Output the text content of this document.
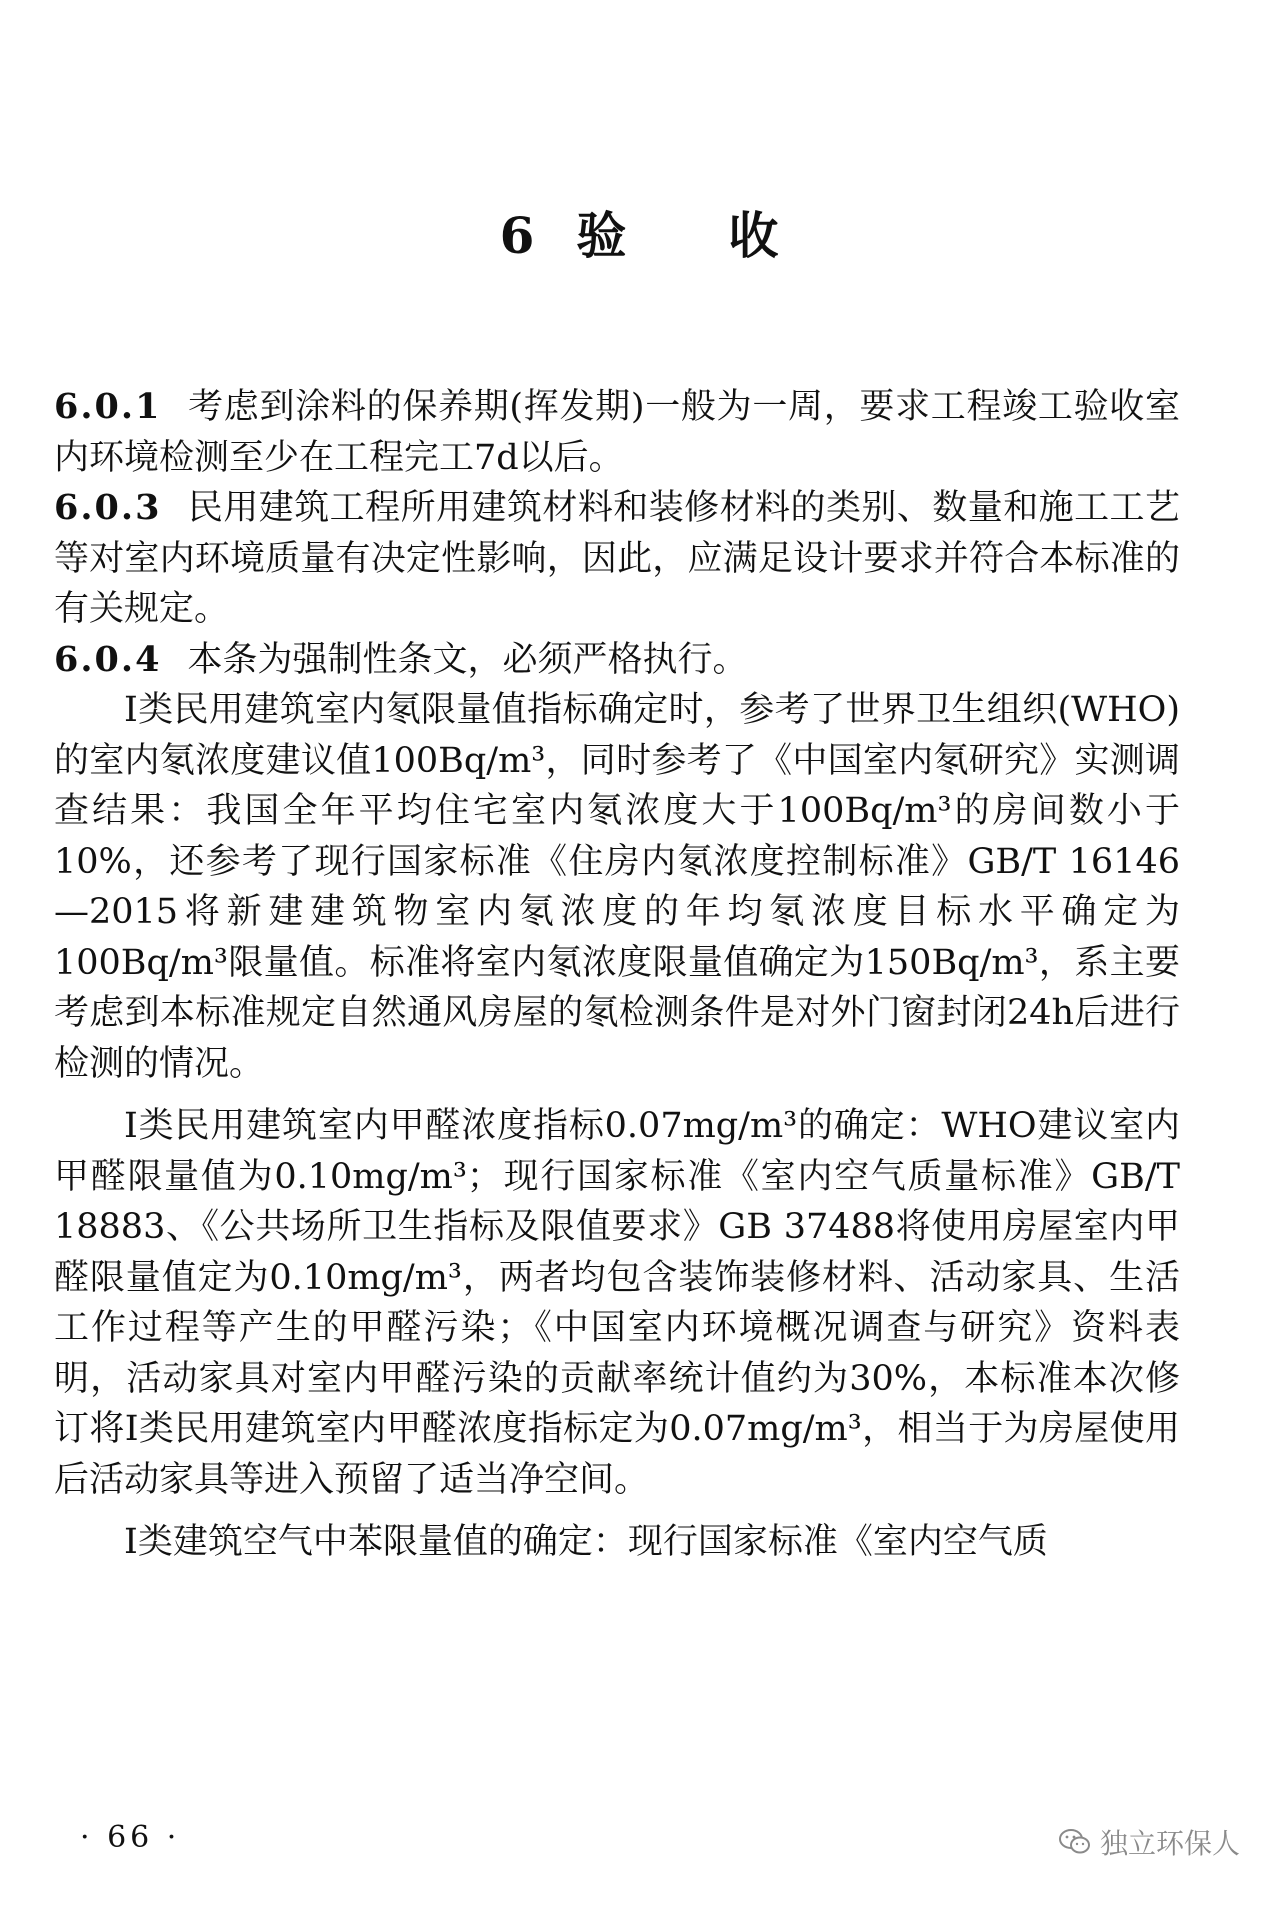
6 验 收

6.0.1 考虑到涂料的保养期(挥发期)一般为一周，要求工程竣工验收室内环境检测至少在工程完工7d以后。

6.0.3 民用建筑工程所用建筑材料和装修材料的类别、数量和施工工艺等对室内环境质量有决定性影响，因此，应满足设计要求并符合本标准的有关规定。

6.0.4 本条为强制性条文，必须严格执行。

Ⅰ类民用建筑室内氡限量值指标确定时，参考了世界卫生组织(WHO)的室内氡浓度建议值100Bq/m³，同时参考了《中国室内氡研究》实测调查结果：我国全年平均住宅室内氡浓度大于100Bq/m³的房间数小于10%，还参考了现行国家标准《住房内氡浓度控制标准》GB/T 16146—2015将新建建筑物室内氡浓度的年均氡浓度目标水平确定为100Bq/m³限量值。标准将室内氡浓度限量值确定为150Bq/m³，系主要考虑到本标准规定自然通风房屋的氡检测条件是对外门窗封闭24h后进行检测的情况。

Ⅰ类民用建筑室内甲醛浓度指标0.07mg/m³的确定：WHO建议室内甲醛限量值为0.10mg/m³；现行国家标准《室内空气质量标准》GB/T 18883、《公共场所卫生指标及限值要求》GB 37488将使用房屋室内甲醛限量值定为0.10mg/m³，两者均包含装饰装修材料、活动家具、生活工作过程等产生的甲醛污染；《中国室内环境概况调查与研究》资料表明，活动家具对室内甲醛污染的贡献率统计值约为30%，本标准本次修订将Ⅰ类民用建筑室内甲醛浓度指标定为0.07mg/m³，相当于为房屋使用后活动家具等进入预留了适当净空间。

Ⅰ类建筑空气中苯限量值的确定：现行国家标准《室内空气质

· 66 ·	独立环保人
